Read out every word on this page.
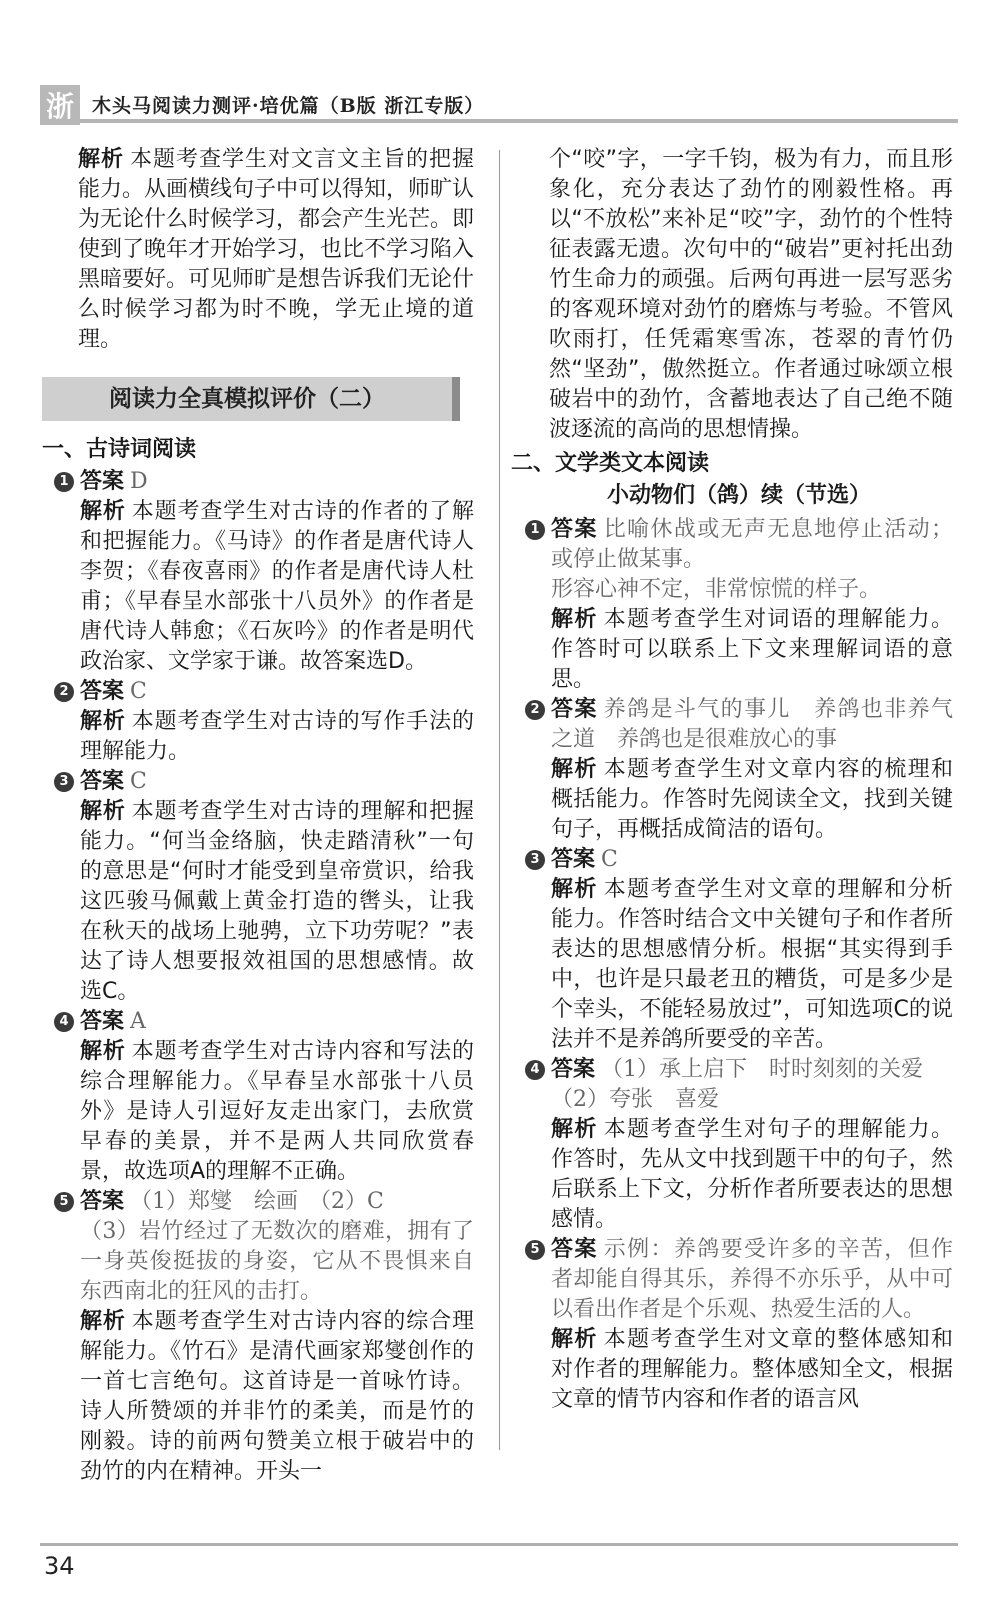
浙 木头马阅读力测评·培优篇（B版 浙江专版）

解析 本题考查学生对文言文主旨的把握能力。从画横线句子中可以得知，师旷认为无论什么时候学习，都会产生光芒。即使到了晚年才开始学习，也比不学习陷入黑暗要好。可见师旷是想告诉我们无论什么时候学习都为时不晚，学无止境的道理。

阅读力全真模拟评价（二）
一、古诗词阅读
1 答案 D

解析 本题考查学生对古诗的作者的了解和把握能力。《马诗》的作者是唐代诗人李贺；《春夜喜雨》的作者是唐代诗人杜甫；《早春呈水部张十八员外》的作者是唐代诗人韩愈；《石灰吟》的作者是明代政治家、文学家于谦。故答案选D。

2 答案 C

解析 本题考查学生对古诗的写作手法的理解能力。

3 答案 C

解析 本题考查学生对古诗的理解和把握能力。“何当金络脑，快走踏清秋”一句的意思是“何时才能受到皇帝赏识，给我这匹骏马佩戴上黄金打造的辔头，让我在秋天的战场上驰骋，立下功劳呢？”表达了诗人想要报效祖国的思想感情。故选C。

4 答案 A

解析 本题考查学生对古诗内容和写法的综合理解能力。《早春呈水部张十八员外》是诗人引逗好友走出家门，去欣赏早春的美景，并不是两人共同欣赏春景，故选项A的理解不正确。

5 答案 （1）郑燮　绘画　（2）C

（3）岩竹经过了无数次的磨难，拥有了一身英俊挺拔的身姿，它从不畏惧来自东西南北的狂风的击打。

解析 本题考查学生对古诗内容的综合理解能力。《竹石》是清代画家郑燮创作的一首七言绝句。这首诗是一首咏竹诗。诗人所赞颂的并非竹的柔美，而是竹的刚毅。诗的前两句赞美立根于破岩中的劲竹的内在精神。开头一

个“咬”字，一字千钧，极为有力，而且形象化，充分表达了劲竹的刚毅性格。再以“不放松”来补足“咬”字，劲竹的个性特征表露无遗。次句中的“破岩”更衬托出劲竹生命力的顽强。后两句再进一层写恶劣的客观环境对劲竹的磨炼与考验。不管风吹雨打，任凭霜寒雪冻，苍翠的青竹仍然“坚劲”，傲然挺立。作者通过咏颂立根破岩中的劲竹，含蓄地表达了自己绝不随波逐流的高尚的思想情操。

二、文学类文本阅读
小动物们（鸽）续（节选）
1 答案 比喻休战或无声无息地停止活动；或停止做某事。

形容心神不定，非常惊慌的样子。

解析 本题考查学生对词语的理解能力。作答时可以联系上下文来理解词语的意思。

2 答案 养鸽是斗气的事儿　养鸽也非养气之道　养鸽也是很难放心的事

解析 本题考查学生对文章内容的梳理和概括能力。作答时先阅读全文，找到关键句子，再概括成简洁的语句。

3 答案 C

解析 本题考查学生对文章的理解和分析能力。作答时结合文中关键句子和作者所表达的思想感情分析。根据“其实得到手中，也许是只最老丑的糟货，可是多少是个幸头，不能轻易放过”，可知选项C的说法并不是养鸽所要受的辛苦。

4 答案 （1）承上启下　时时刻刻的关爱

（2）夸张　喜爱

解析 本题考查学生对句子的理解能力。作答时，先从文中找到题干中的句子，然后联系上下文，分析作者所要表达的思想感情。

5 答案 示例：养鸽要受许多的辛苦，但作者却能自得其乐，养得不亦乐乎，从中可以看出作者是个乐观、热爱生活的人。

解析 本题考查学生对文章的整体感知和对作者的理解能力。整体感知全文，根据文章的情节内容和作者的语言风

34
